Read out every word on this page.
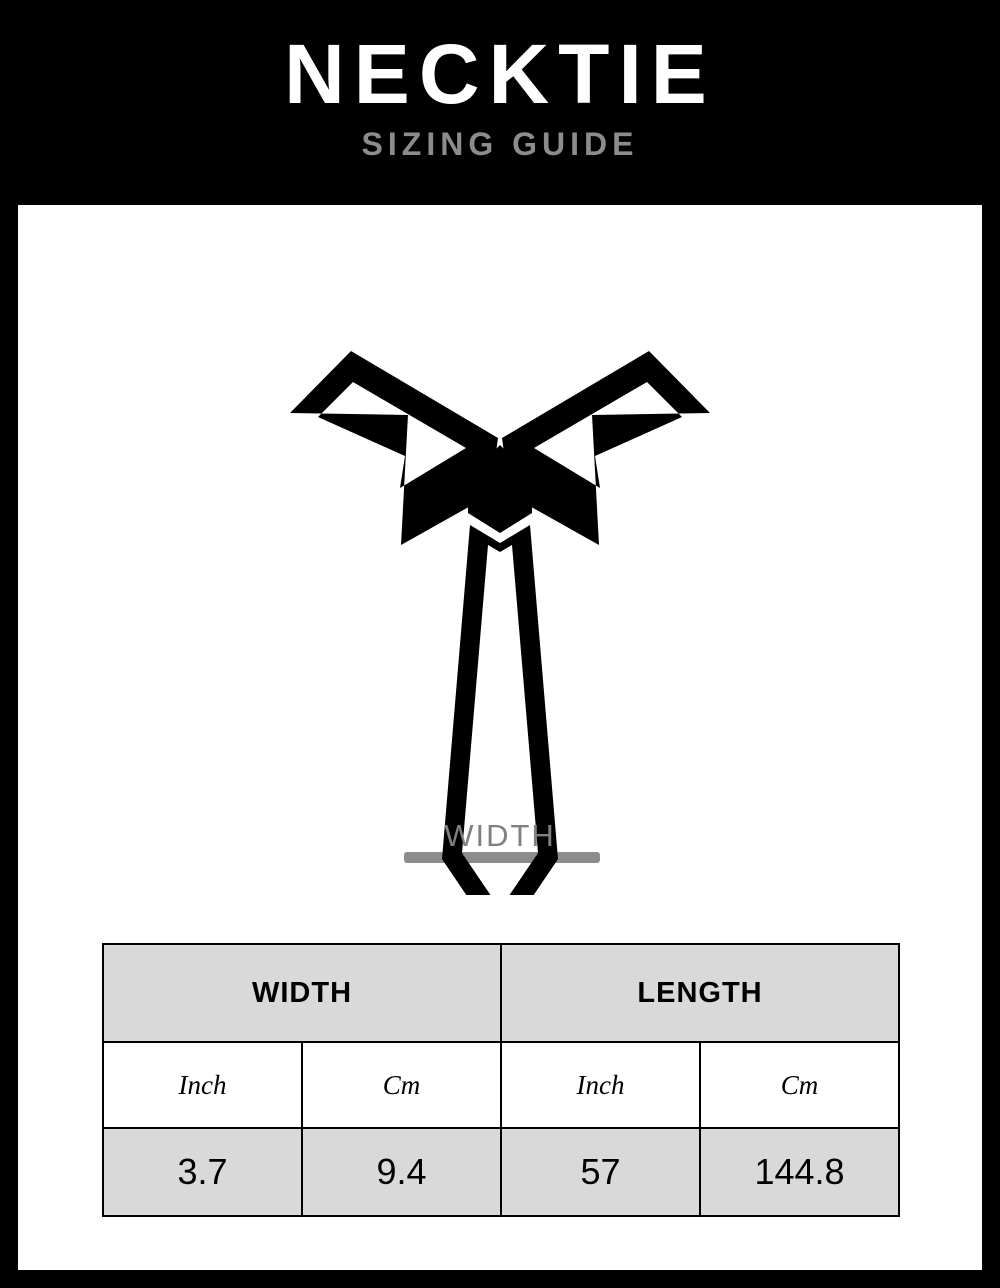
NECKTIE
SIZING GUIDE
WIDTH
WIDTH		LENGTH	
Inch	Cm	Inch	Cm
3.7	9.4	57	144.8
